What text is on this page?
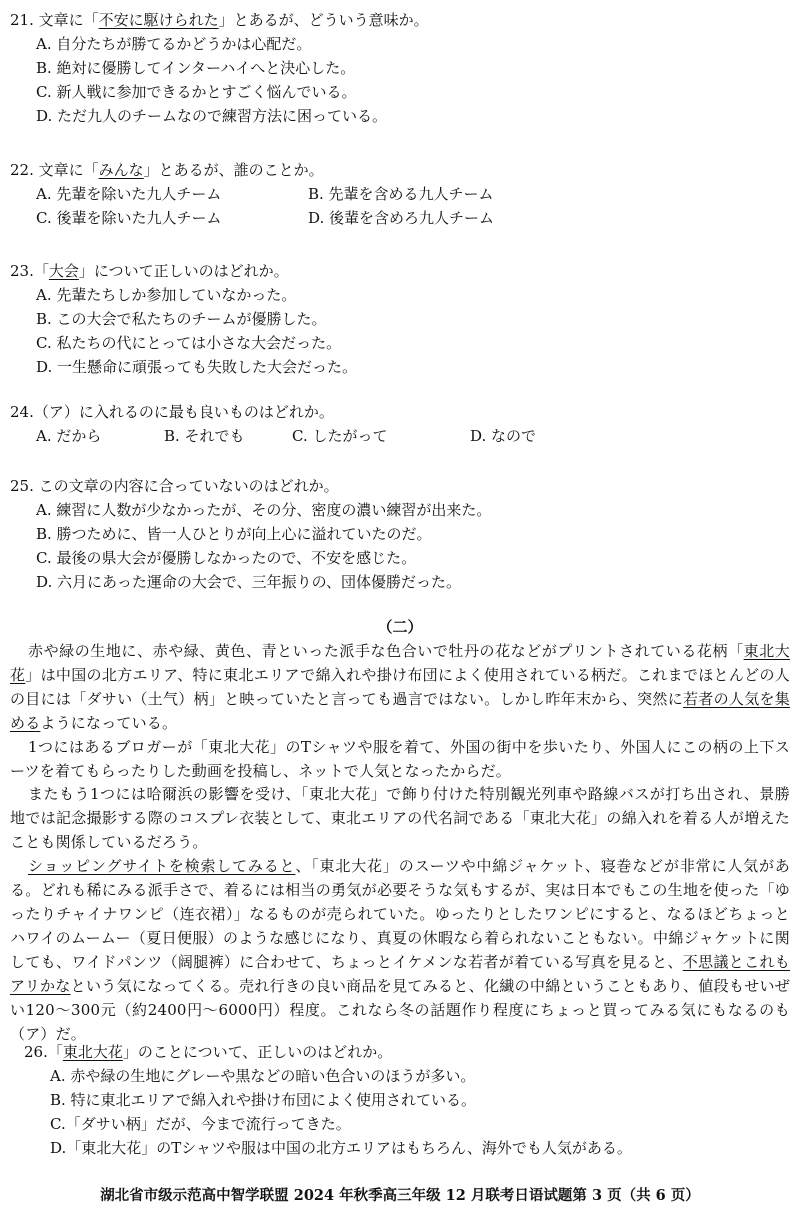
21. 文章に「不安に駆けられた」とあるが、どういう意味か。
A. 自分たちが勝てるかどうかは心配だ。
B. 絶対に優勝してインターハイへと決心した。
C. 新人戦に参加できるかとすごく悩んでいる。
D. ただ九人のチームなので練習方法に困っている。
22. 文章に「みんな」とあるが、誰のことか。
A. 先輩を除いた九人チーム	B. 先輩を含める九人チーム
C. 後輩を除いた九人チーム	D. 後輩を含めろ九人チーム
23.「大会」について正しいのはどれか。
A. 先輩たちしか参加していなかった。
B. この大会で私たちのチームが優勝した。
C. 私たちの代にとっては小さな大会だった。
D. 一生懸命に頑張っても失敗した大会だった。
24.（ア）に入れるのに最も良いものはどれか。
A. だから	B. それでも	C. したがって	D. なので
25. この文章の内容に合っていないのはどれか。
A. 練習に人数が少なかったが、その分、密度の濃い練習が出来た。
B. 勝つために、皆一人ひとりが向上心に溢れていたのだ。
C. 最後の県大会が優勝しなかったので、不安を感じた。
D. 六月にあった運命の大会で、三年振りの、団体優勝だった。
（二）
赤や緑の生地に、赤や緑、黄色、青といった派手な色合いで牡丹の花などがプリントされている花柄「東北大花」は中国の北方エリア、特に東北エリアで綿入れや掛け布団によく使用されている柄だ。これまでほとんどの人の目には「ダサい（土气）柄」と映っていたと言っても過言ではない。しかし昨年末から、突然に若者の人気を集めるようになっている。
1つにはあるブロガーが「東北大花」のTシャツや服を着て、外国の街中を歩いたり、外国人にこの柄の上下スーツを着てもらったりした動画を投稿し、ネットで人気となったからだ。
またもう1つには哈爾浜の影響を受け、「東北大花」で飾り付けた特別観光列車や路線バスが打ち出され、景勝地では記念撮影する際のコスプレ衣装として、東北エリアの代名詞である「東北大花」の綿入れを着る人が増えたことも関係しているだろう。
ショッピングサイトを検索してみると、「東北大花」のスーツや中綿ジャケット、寝巻などが非常に人気がある。どれも稀にみる派手さで、着るには相当の勇気が必要そうな気もするが、実は日本でもこの生地を使った「ゆったりチャイナワンピ（连衣裙）」なるものが売られていた。ゆったりとしたワンピにすると、なるほどちょっとハワイのムームー（夏日便服）のような感じになり、真夏の休暇なら着られないこともない。中綿ジャケットに関しても、ワイドパンツ（阔腿裤）に合わせて、ちょっとイケメンな若者が着ている写真を見ると、不思議とこれもアリかなという気になってくる。売れ行きの良い商品を見てみると、化繊の中綿ということもあり、値段もせいぜい120～300元（約2400円～6000円）程度。これなら冬の話題作り程度にちょっと買ってみる気にもなるのも（ア）だ。
26.「東北大花」のことについて、正しいのはどれか。
A. 赤や緑の生地にグレーや黒などの暗い色合いのほうが多い。
B. 特に東北エリアで綿入れや掛け布団によく使用されている。
C.「ダサい柄」だが、今まで流行ってきた。
D.「東北大花」のTシャツや服は中国の北方エリアはもちろん、海外でも人気がある。
湖北省市级示范高中智学联盟 2024 年秋季高三年级 12 月联考日语试题第 3 页（共 6 页）
